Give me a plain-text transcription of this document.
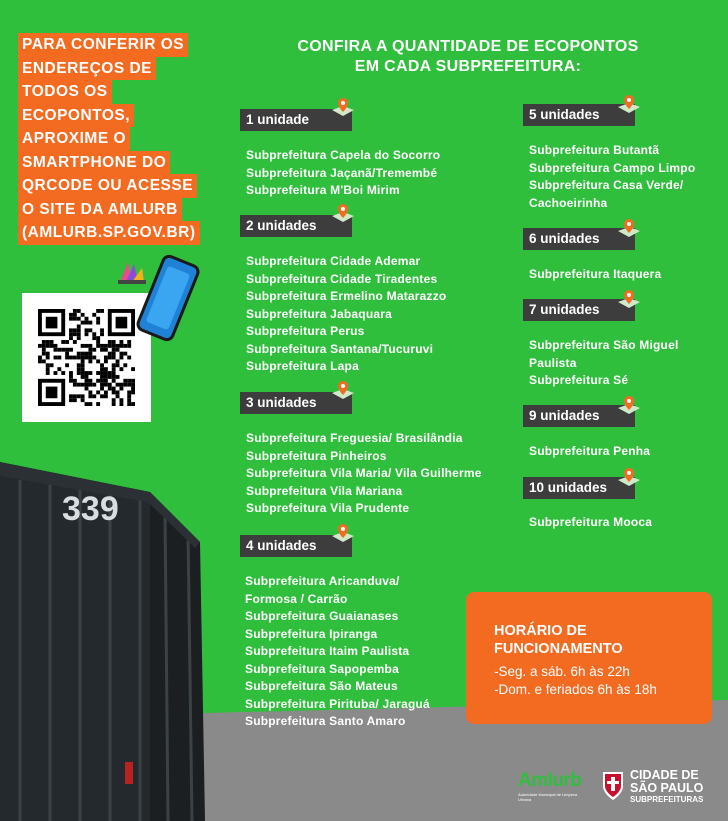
PARA CONFERIR OS
ENDEREÇOS DE
TODOS OS
ECOPONTOS,
APROXIME O
SMARTPHONE DO
QRCODE OU ACESSE
O SITE DA AMLURB
(AMLURB.SP.GOV.BR)
339
CONFIRA A QUANTIDADE DE ECOPONTOS
EM CADA SUBPREFEITURA:
1 unidade
Subprefeitura Capela do Socorro
Subprefeitura Jaçanã/Tremembé
Subprefeitura M'Boi Mirim
2 unidades
Subprefeitura Cidade Ademar
Subprefeitura Cidade Tiradentes
Subprefeitura Ermelino Matarazzo
Subprefeitura Jabaquara
Subprefeitura Perus
Subprefeitura Santana/Tucuruvi
Subprefeitura Lapa
3 unidades
Subprefeitura Freguesia/ Brasilândia
Subprefeitura Pinheiros
Subprefeitura Vila Maria/ Vila Guilherme
Subprefeitura Vila Mariana
Subprefeitura Vila Prudente
4 unidades
Subprefeitura Aricanduva/
Formosa / Carrão
Subprefeitura Guaianases
Subprefeitura Ipiranga
Subprefeitura Itaim Paulista
Subprefeitura Sapopemba
Subprefeitura São Mateus
Subprefeitura Pirituba/ Jaraguá
Subprefeitura Santo Amaro
5 unidades
Subprefeitura Butantã
Subprefeitura Campo Limpo
Subprefeitura Casa Verde/
Cachoeirinha
6 unidades
Subprefeitura Itaquera
7 unidades
Subprefeitura São Miguel
Paulista
Subprefeitura Sé
9 unidades
Subprefeitura Penha
10 unidades
Subprefeitura Mooca
HORÁRIO DE
FUNCIONAMENTO
-Seg. a sáb. 6h às 22h
-Dom. e feriados 6h às 18h
Amlurb
Autoridade Municipal de Limpeza Urbana
CIDADE DE
SÃO PAULO
SUBPREFEITURAS
